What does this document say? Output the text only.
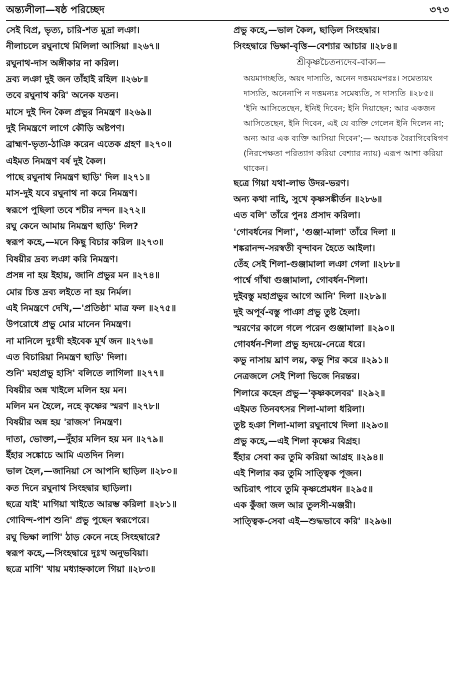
অন্ত্যলীলা—ষষ্ঠ পরিচ্ছেদ	৩৭৩
সেই বিপ্র, ভৃত্য, চারি-শত মুদ্রা লঞা।
নীলাচলে রঘুনাথে মিলিলা আসিয়া ॥২৬৭॥
রঘুনাথ-দাস অঙ্গীকার না করিল।
দ্রব্য লঞা দুই জন তাঁহাই রহিল ॥২৬৮॥
তবে রঘুনাথ করি' অনেক যতন।
মাসে দুই দিন কৈল প্রভুর নিমন্ত্রণ ॥২৬৯॥
দুই নিমন্ত্রণে লাগে কৌড়ি অষ্টপণ।
ব্রাহ্মণ-ভৃত্য-ঠাঞি করেন এতেক গ্রহণ ॥২৭০॥
এইমত নিমন্ত্রণ বর্ষ দুই কৈল।
পাছে রঘুনাথ নিমন্ত্রণ ছাড়ি' দিল ॥২৭১॥
মাস-দুই যবে রঘুনাথ না করে নিমন্ত্রণ।
স্বরূপে পুছিলা তবে শচীর নন্দন ॥২৭২॥
রঘু কেনে আমায় নিমন্ত্রণ ছাড়ি' দিল?
স্বরূপ কহে,—মনে কিছু বিচার করিল ॥২৭৩॥
বিষয়ীর দ্রব্য লঞা করি নিমন্ত্রণ।
প্রসন্ন না হয় ইহায়, জানি প্রভুর মন ॥২৭৪॥
মোর চিত্ত দ্রব্য লইতে না হয় নির্মল।
এই নিমন্ত্রণে দেখি,—'প্রতিষ্ঠা' মাত্র ফল ॥২৭৫॥
উপরোধে প্রভু মোর মানেন নিমন্ত্রণ।
না মানিলে দুঃখী হইবেক মূর্খ জন ॥২৭৬॥
এত বিচারিয়া নিমন্ত্রণ ছাড়ি' দিলা।
শুনি' মহাপ্রভু হাসি' বলিতে লাগিলা ॥২৭৭॥
বিষয়ীর অন্ন খাইলে মলিন হয় মন।
মলিন মন হৈলে, নহে কৃষ্ণের স্মরণ ॥২৭৮॥
বিষয়ীর অন্ন হয় 'রাজস' নিমন্ত্রণ।
দাতা, ভোক্তা,—দুঁহার মলিন হয় মন ॥২৭৯॥
ইঁহার সঙ্কোচে আমি এতদিন নিল।
ভাল হৈল,—জানিয়া সে আপনি ছাড়িল ॥২৮০॥
কত দিনে রঘুনাথ সিংহদ্বার ছাড়িলা।
ছত্রে যাই' মাগিয়া খাইতে আরম্ভ করিলা ॥২৮১॥
গোবিন্দ-পাশ শুনি' প্রভু পুছেন স্বরূপেরে।
রঘু ভিক্ষা লাগি' ঠাড় কেনে নহে সিংহদ্বারে?
স্বরূপ কহে,—সিংহদ্বারে দুঃখ অনুভবিয়া।
ছত্রে মাগি' খায় মধ্যাহ্নকালে গিয়া ॥২৮৩॥
প্রভু কহে,—ভাল কৈল, ছাড়িল সিংহদ্বার।
সিংহদ্বারে ভিক্ষা-বৃত্তি—বেশ্যার আচার ॥২৮৪॥
শ্রীকৃষ্ণচৈতন্যদেব-বাক্য—
অয়মাগচ্ছতি, অয়ং দাস্যতি, অনেন দত্তময়মপরঃ। সমেত্যয়ং দাস্যতি, অনেনাপি ন দত্তমন্যঃ সমেষ্যতি, স দাস্যতি ॥২৮৫॥
'ইনি আসিতেছেন, ইনিই দিবেন; ইনি দিয়াছেন; আর একজন আসিতেছেন, ইনি দিবেন, এই যে ব্যক্তি গেলেন ইনি দিলেন না; অন্য আর এক ব্যক্তি আসিয়া দিবেন';— অযাচক বৈরাগিবেষিগণ (নিরপেক্ষতা পরিত্যাগ করিয়া বেশ্যার ন্যায়) এরূপ আশা করিয়া থাকেন।
ছত্রে গিয়া যথা-লাভ উদর-ভরণ।
অন্য কথা নাহি, সুখে কৃষ্ণসঙ্কীর্তন ॥২৮৬॥
এত বলি' তাঁরে পুনঃ প্রসাদ করিলা।
'গোবর্ধনের শিলা', 'গুঞ্জা-মালা' তাঁরে দিলা ॥
শঙ্করানন্দ-সরস্বতী বৃন্দাবন হৈতে আইলা।
তেঁহ সেই শিলা-গুঞ্জামালা লঞা গেলা ॥২৮৮॥
পার্শ্বে গাঁথা গুঞ্জামালা, গোবর্ধন-শিলা।
দুইবস্তু মহাপ্রভুর আগে আনি' দিলা ॥২৮৯॥
দুই অপূর্ব-বস্তু পাঞা প্রভু তুষ্ট হৈলা।
স্মরণের কালে গলে পরেন গুঞ্জামালা ॥২৯০॥
গোবর্ধন-শিলা প্রভু হৃদয়ে-নেত্রে ধরে।
কভু নাসায় ঘ্রাণ লয়, কভু শির করে ॥২৯১॥
নেত্রজলে সেই শিলা ভিজে নিরন্তর।
শিলারে কহেন প্রভু—'কৃষ্ণকলেবর' ॥২৯২॥
এইমত তিনবৎসর শিলা-মালা ধরিলা।
তুষ্ট হঞা শিলা-মালা রঘুনাথে দিলা ॥২৯৩॥
প্রভু কহে,—এই শিলা কৃষ্ণের বিগ্রহ।
ইঁহার সেবা কর তুমি করিয়া আগ্রহ ॥২৯৪॥
এই শিলার কর তুমি সাত্ত্বিক পূজন।
অচিরাৎ পাবে তুমি কৃষ্ণপ্রেমধন ॥২৯৫॥
এক কুঁজা জল আর তুলসী-মঞ্জরী।
সাত্ত্বিক-সেবা এই—শুদ্ধভাবে করি' ॥২৯৬॥
